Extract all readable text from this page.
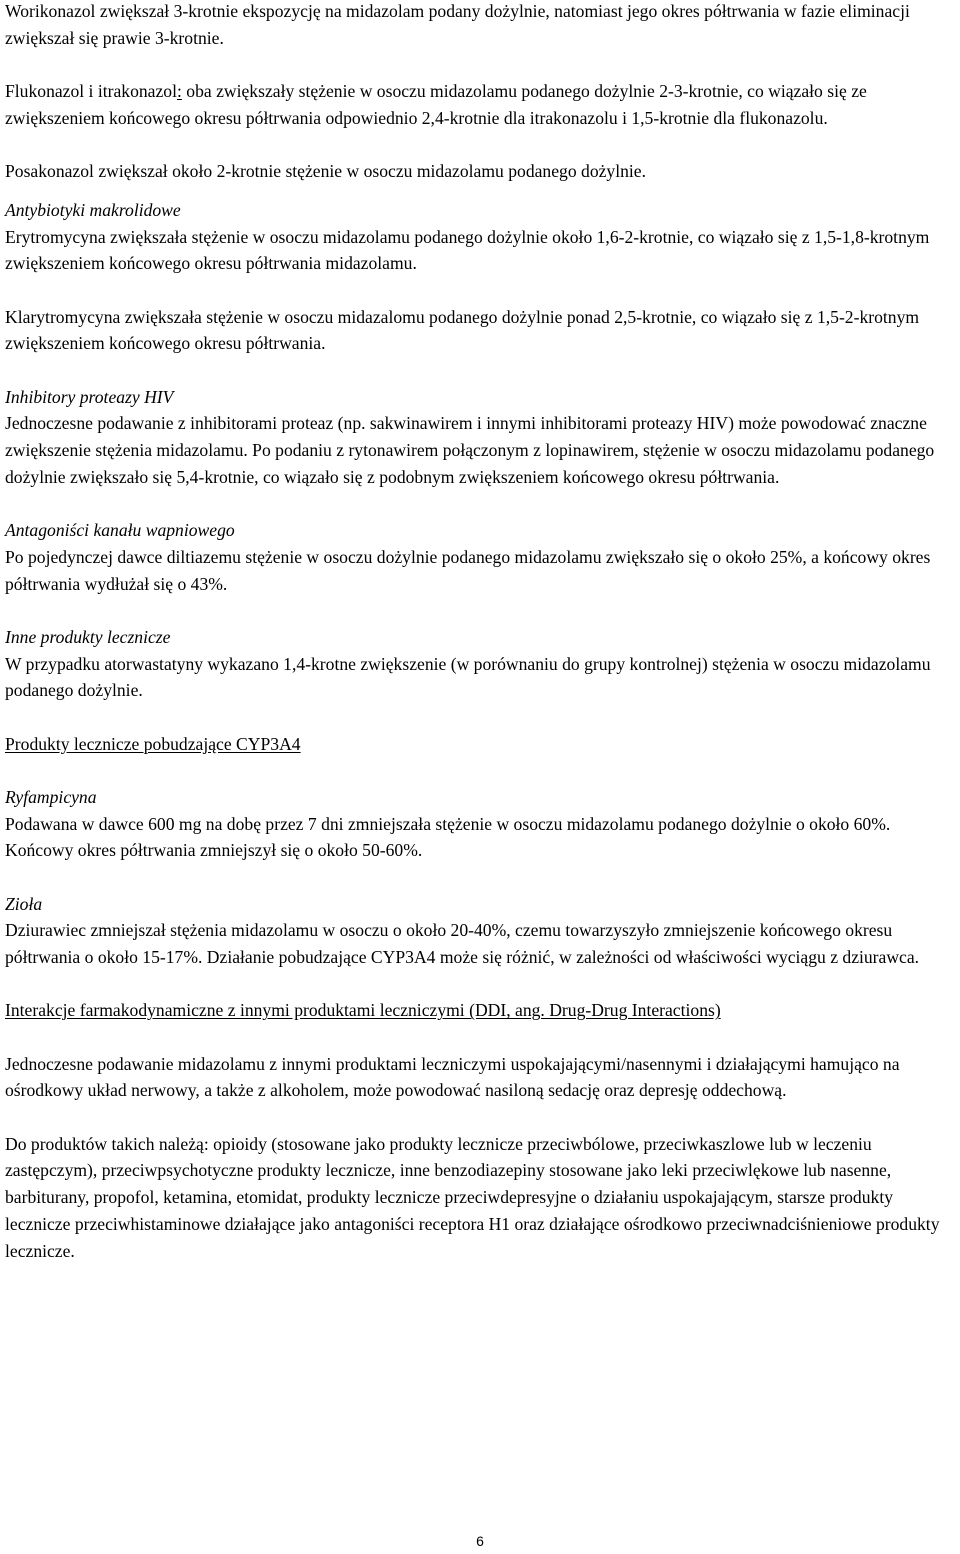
Worikonazol zwiększał 3-krotnie ekspozycję na midazolam podany dożylnie, natomiast jego okres półtrwania w fazie eliminacji zwiększał się prawie 3-krotnie.

Flukonazol i itrakonazol: oba zwiększały stężenie w osoczu midazolamu podanego dożylnie 2-3-krotnie, co wiązało się ze zwiększeniem końcowego okresu półtrwania odpowiednio 2,4-krotnie dla itrakonazolu i 1,5-krotnie dla flukonazolu.

Posakonazol zwiększał około 2-krotnie stężenie w osoczu midazolamu podanego dożylnie.

Antybiotyki makrolidowe

Erytromycyna zwiększała stężenie w osoczu midazolamu podanego dożylnie około 1,6-2-krotnie, co wiązało się z 1,5-1,8-krotnym zwiększeniem końcowego okresu półtrwania midazolamu.

Klarytromycyna zwiększała stężenie w osoczu midazalomu podanego dożylnie ponad 2,5-krotnie, co wiązało się z 1,5-2-krotnym zwiększeniem końcowego okresu półtrwania.

Inhibitory proteazy HIV

Jednoczesne podawanie z inhibitorami proteaz (np. sakwinawirem i innymi inhibitorami proteazy HIV) może powodować znaczne zwiększenie stężenia midazolamu. Po podaniu z rytonawirem połączonym z lopinawirem, stężenie w osoczu midazolamu podanego dożylnie zwiększało się 5,4-krotnie, co wiązało się z podobnym zwiększeniem końcowego okresu półtrwania.

Antagoniści kanału wapniowego

Po pojedynczej dawce diltiazemu stężenie w osoczu dożylnie podanego midazolamu zwiększało się o około 25%, a końcowy okres półtrwania wydłużał się o 43%.

Inne produkty lecznicze

W przypadku atorwastatyny wykazano 1,4-krotne zwiększenie (w porównaniu do grupy kontrolnej) stężenia w osoczu midazolamu podanego dożylnie.

Produkty lecznicze pobudzające CYP3A4

Ryfampicyna

Podawana w dawce 600 mg na dobę przez 7 dni zmniejszała stężenie w osoczu midazolamu podanego dożylnie o około 60%. Końcowy okres półtrwania zmniejszył się o około 50-60%.

Zioła

Dziurawiec zmniejszał stężenia midazolamu w osoczu o około 20-40%, czemu towarzyszyło zmniejszenie końcowego okresu półtrwania o około 15-17%. Działanie pobudzające CYP3A4 może się różnić, w zależności od właściwości wyciągu z dziurawca.

Interakcje farmakodynamiczne z innymi produktami leczniczymi (DDI, ang. Drug-Drug Interactions)

Jednoczesne podawanie midazolamu z innymi produktami leczniczymi uspokajającymi/nasennymi i działającymi hamująco na ośrodkowy układ nerwowy, a także z alkoholem, może powodować nasiloną sedację oraz depresję oddechową.

Do produktów takich należą: opioidy (stosowane jako produkty lecznicze przeciwbólowe, przeciwkaszlowe lub w leczeniu zastępczym), przeciwpsychotyczne produkty lecznicze, inne benzodiazepiny stosowane jako leki przeciwlękowe lub nasenne, barbiturany, propofol, ketamina, etomidat, produkty lecznicze przeciwdepresyjne o działaniu uspokajającym, starsze produkty lecznicze przeciwhistaminowe działające jako antagoniści receptora H1 oraz działające ośrodkowo przeciwnadciśnieniowe produkty lecznicze.

6
